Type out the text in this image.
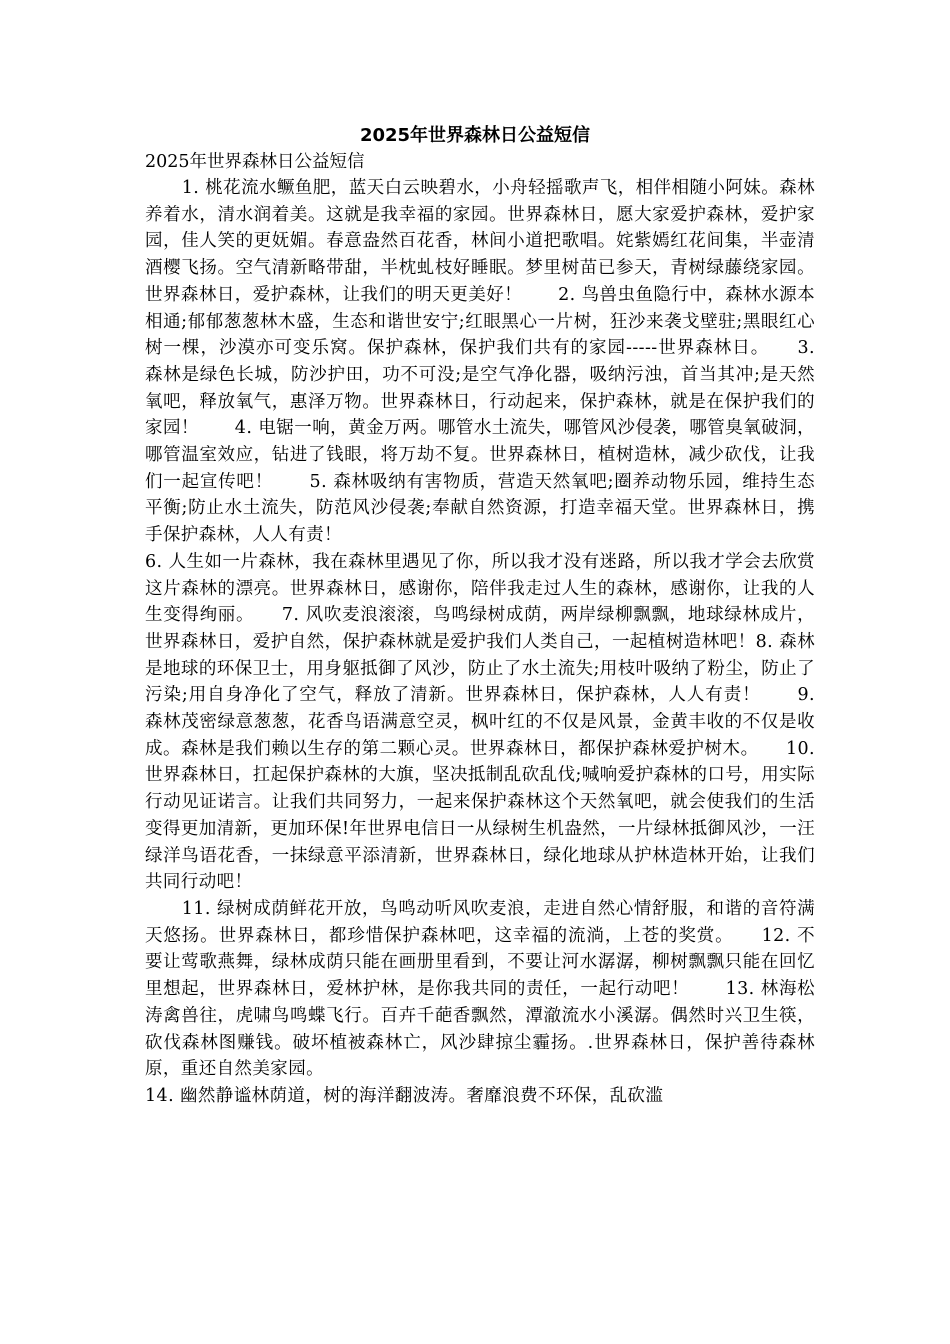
2025年世界森林日公益短信
2025年世界森林日公益短信

1. 桃花流水鳜鱼肥，蓝天白云映碧水，小舟轻摇歌声飞，相伴相随小阿妹。森林养着水，清水润着美。这就是我幸福的家园。世界森林日，愿大家爱护森林，爱护家园，佳人笑的更妩媚。春意盎然百花香，林间小道把歌唱。姹紫嫣红花间集，半壶清酒樱飞扬。空气清新略带甜，半枕虬枝好睡眠。梦里树苗已参天，青树绿藤绕家园。世界森林日，爱护森林，让我们的明天更美好！　　2. 鸟兽虫鱼隐行中，森林水源本相通;郁郁葱葱林木盛，生态和谐世安宁;红眼黑心一片树，狂沙来袭戈壁驻;黑眼红心树一棵，沙漠亦可变乐窝。保护森林，保护我们共有的家园-----世界森林日。　　3. 森林是绿色长城，防沙护田，功不可没;是空气净化器，吸纳污浊，首当其冲;是天然氧吧，释放氧气，惠泽万物。世界森林日，行动起来，保护森林，就是在保护我们的家园！　　4. 电锯一响，黄金万两。哪管水土流失，哪管风沙侵袭，哪管臭氧破洞，哪管温室效应，钻进了钱眼，将万劫不复。世界森林日，植树造林，减少砍伐，让我们一起宣传吧！　　5. 森林吸纳有害物质，营造天然氧吧;圈养动物乐园，维持生态平衡;防止水土流失，防范风沙侵袭;奉献自然资源，打造幸福天堂。世界森林日，携手保护森林，人人有责！

6. 人生如一片森林，我在森林里遇见了你，所以我才没有迷路，所以我才学会去欣赏这片森林的漂亮。世界森林日，感谢你，陪伴我走过人生的森林，感谢你，让我的人生变得绚丽。　　7. 风吹麦浪滚滚，鸟鸣绿树成荫，两岸绿柳飘飘，地球绿林成片，世界森林日，爱护自然，保护森林就是爱护我们人类自己，一起植树造林吧！8. 森林是地球的环保卫士，用身躯抵御了风沙，防止了水土流失;用枝叶吸纳了粉尘，防止了污染;用自身净化了空气，释放了清新。世界森林日，保护森林，人人有责！　　9. 森林茂密绿意葱葱，花香鸟语满意空灵，枫叶红的不仅是风景，金黄丰收的不仅是收成。森林是我们赖以生存的第二颗心灵。世界森林日，都保护森林爱护树木。　　10. 世界森林日，扛起保护森林的大旗，坚决抵制乱砍乱伐;喊响爱护森林的口号，用实际行动见证诺言。让我们共同努力，一起来保护森林这个天然氧吧，就会使我们的生活变得更加清新，更加环保!年世界电信日一从绿树生机盎然，一片绿林抵御风沙，一汪绿洋鸟语花香，一抹绿意平添清新，世界森林日，绿化地球从护林造林开始，让我们共同行动吧！

11. 绿树成荫鲜花开放，鸟鸣动听风吹麦浪，走进自然心情舒服，和谐的音符满天悠扬。世界森林日，都珍惜保护森林吧，这幸福的流淌，上苍的奖赏。　　12. 不要让莺歌燕舞，绿林成荫只能在画册里看到，不要让河水潺潺，柳树飘飘只能在回忆里想起，世界森林日，爱林护林，是你我共同的责任，一起行动吧！　　13. 林海松涛禽兽往，虎啸鸟鸣蝶飞行。百卉千葩香飘然，潭澈流水小溪潺。偶然时兴卫生筷，砍伐森林图赚钱。破坏植被森林亡，风沙肆掠尘霾扬。.世界森林日，保护善待森林原，重还自然美家园。

14. 幽然静谧林荫道，树的海洋翻波涛。奢靡浪费不环保，乱砍滥
